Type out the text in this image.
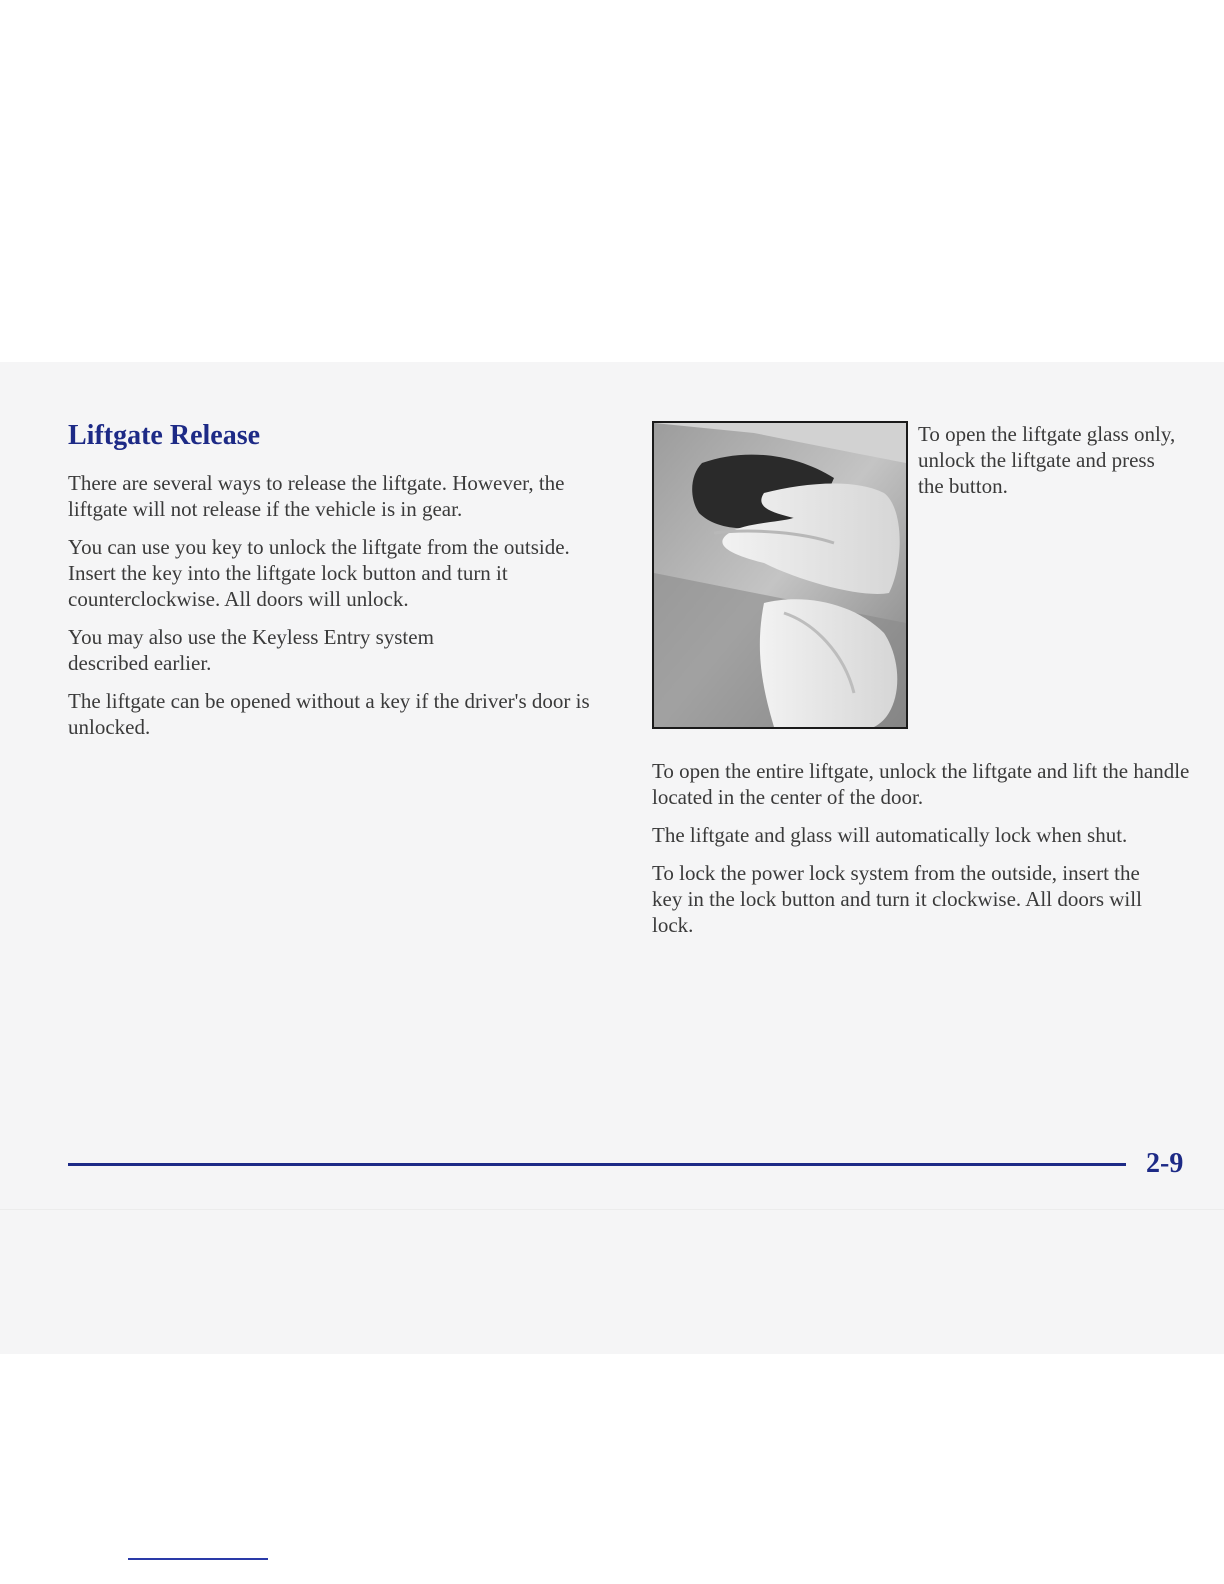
Liftgate Release

There are several ways to release the liftgate. However, the liftgate will not release if the vehicle is in gear.

You can use you key to unlock the liftgate from the outside. Insert the key into the liftgate lock button and turn it counterclockwise. All doors will unlock.

You may also use the Keyless Entry system described earlier.

The liftgate can be opened without a key if the driver's door is unlocked.

To open the liftgate glass only, unlock the liftgate and press the button.

To open the entire liftgate, unlock the liftgate and lift the handle located in the center of the door.

The liftgate and glass will automatically lock when shut.

To lock the power lock system from the outside, insert the key in the lock button and turn it clockwise. All doors will lock.

2-9
